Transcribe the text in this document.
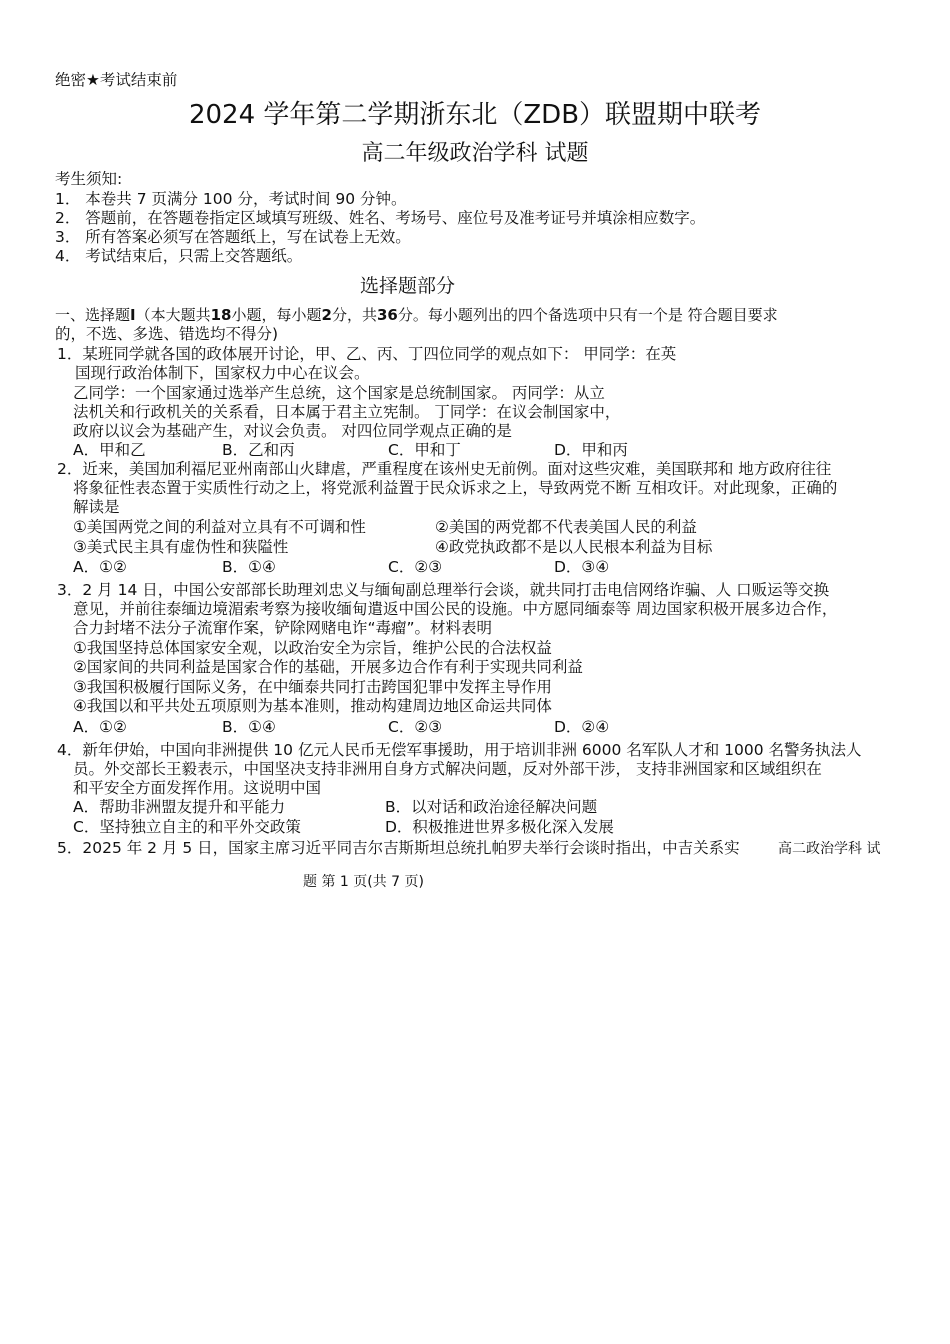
绝密★考试结束前
2024 学年第二学期浙东北（ZDB）联盟期中联考
高二年级政治学科 试题
考生须知:
1． 本卷共 7 页满分 100 分，考试时间 90 分钟。
2． 答题前，在答题卷指定区域填写班级、姓名、考场号、座位号及准考证号并填涂相应数字。
3． 所有答案必须写在答题纸上，写在试卷上无效。
4． 考试结束后，只需上交答题纸。
选择题部分
一、选择题Ⅰ（本大题共18小题，每小题2分，共36分。每小题列出的四个备选项中只有一个是 符合题目要求
的，不选、多选、错选均不得分)
1．某班同学就各国的政体展开讨论，甲、乙、丙、丁四位同学的观点如下： 甲同学：在英
国现行政治体制下，国家权力中心在议会。
乙同学：一个国家通过选举产生总统，这个国家是总统制国家。 丙同学：从立
法机关和行政机关的关系看，日本属于君主立宪制。 丁同学：在议会制国家中，
政府以议会为基础产生，对议会负责。 对四位同学观点正确的是
A．甲和乙	B．乙和丙	C．甲和丁	D．甲和丙
2．近来，美国加利福尼亚州南部山火肆虐，严重程度在该州史无前例。面对这些灾难，美国联邦和 地方政府往往
将象征性表态置于实质性行动之上，将党派利益置于民众诉求之上，导致两党不断 互相攻讦。对此现象，正确的
解读是
①美国两党之间的利益对立具有不可调和性	②美国的两党都不代表美国人民的利益
③美式民主具有虚伪性和狭隘性	④政党执政都不是以人民根本利益为目标
A．①②	B．①④	C．②③	D．③④
3．2 月 14 日，中国公安部部长助理刘忠义与缅甸副总理举行会谈，就共同打击电信网络诈骗、人 口贩运等交换
意见，并前往泰缅边境湄索考察为接收缅甸遣返中国公民的设施。中方愿同缅泰等 周边国家积极开展多边合作，
合力封堵不法分子流窜作案，铲除网赌电诈“毒瘤”。材料表明
①我国坚持总体国家安全观，以政治安全为宗旨，维护公民的合法权益
②国家间的共同利益是国家合作的基础，开展多边合作有利于实现共同利益
③我国积极履行国际义务，在中缅泰共同打击跨国犯罪中发挥主导作用
④我国以和平共处五项原则为基本准则，推动构建周边地区命运共同体
A．①②	B．①④	C．②③	D．②④
4．新年伊始，中国向非洲提供 10 亿元人民币无偿军事援助，用于培训非洲 6000 名军队人才和 1000 名警务执法人
员。外交部长王毅表示，中国坚决支持非洲用自身方式解决问题，反对外部干涉， 支持非洲国家和区域组织在
和平安全方面发挥作用。这说明中国
A．帮助非洲盟友提升和平能力	B．以对话和政治途径解决问题
C．坚持独立自主的和平外交政策	D．积极推进世界多极化深入发展
5．2025 年 2 月 5 日，国家主席习近平同吉尔吉斯斯坦总统扎帕罗夫举行会谈时指出，中吉关系实	高二政治学科 试
题 第 1 页(共 7 页)
